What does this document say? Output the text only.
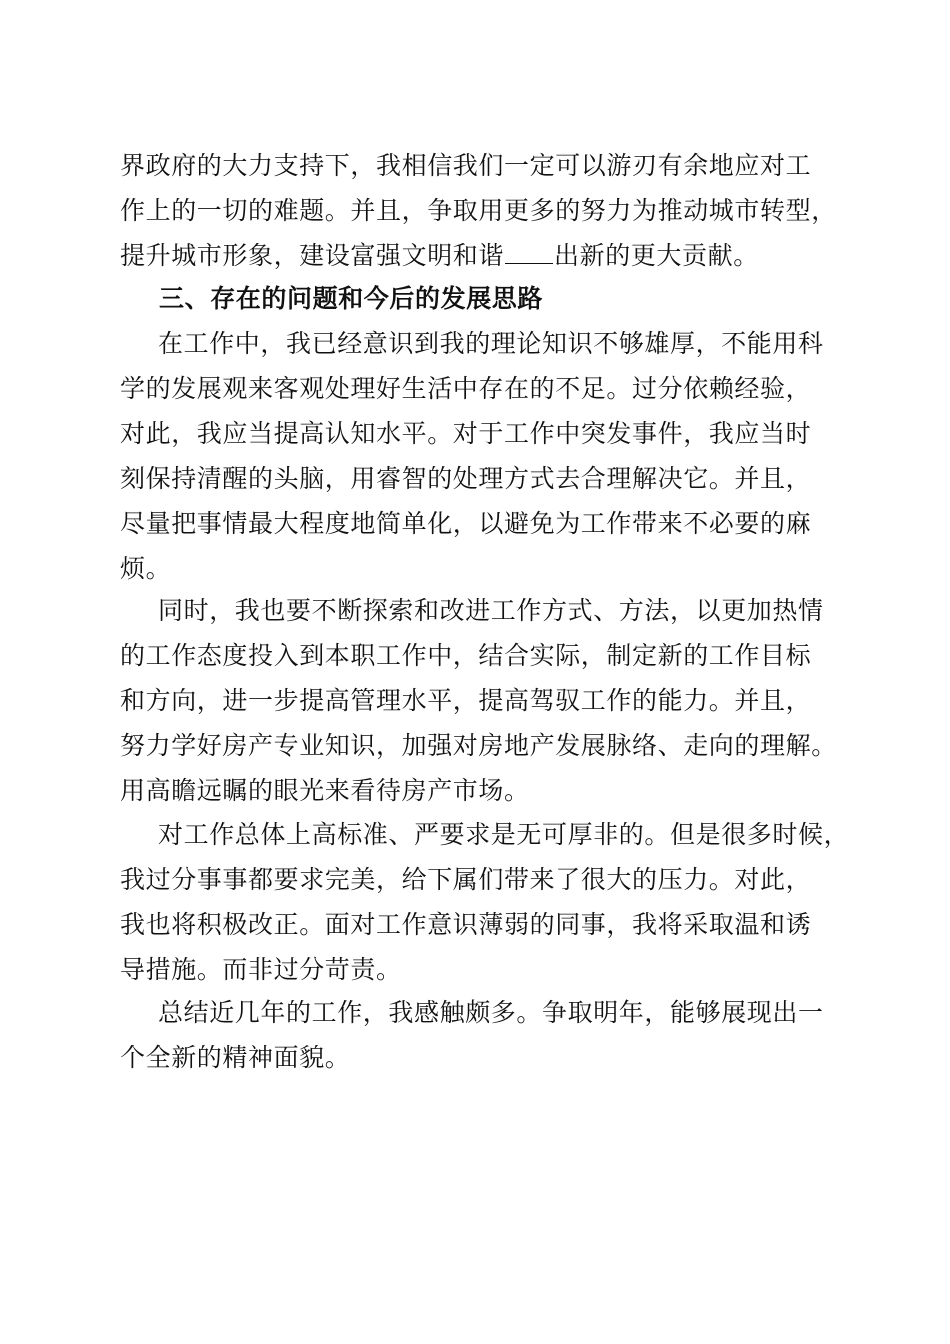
界政府的大力支持下，我相信我们一定可以游刃有余地应对工
作上的一切的难题。并且，争取用更多的努力为推动城市转型，
提升城市形象，建设富强文明和谐 出新的更大贡献。
三、存在的问题和今后的发展思路
在工作中，我已经意识到我的理论知识不够雄厚，不能用科
学的发展观来客观处理好生活中存在的不足。过分依赖经验，
对此，我应当提高认知水平。对于工作中突发事件，我应当时
刻保持清醒的头脑，用睿智的处理方式去合理解决它。并且，
尽量把事情最大程度地简单化，以避免为工作带来不必要的麻
烦。
同时，我也要不断探索和改进工作方式、方法，以更加热情
的工作态度投入到本职工作中，结合实际，制定新的工作目标
和方向，进一步提高管理水平，提高驾驭工作的能力。并且，
努力学好房产专业知识，加强对房地产发展脉络、走向的理解。
用高瞻远瞩的眼光来看待房产市场。
对工作总体上高标准、严要求是无可厚非的。但是很多时候，
我过分事事都要求完美，给下属们带来了很大的压力。对此，
我也将积极改正。面对工作意识薄弱的同事，我将采取温和诱
导措施。而非过分苛责。
总结近几年的工作，我感触颇多。争取明年，能够展现出一
个全新的精神面貌。
